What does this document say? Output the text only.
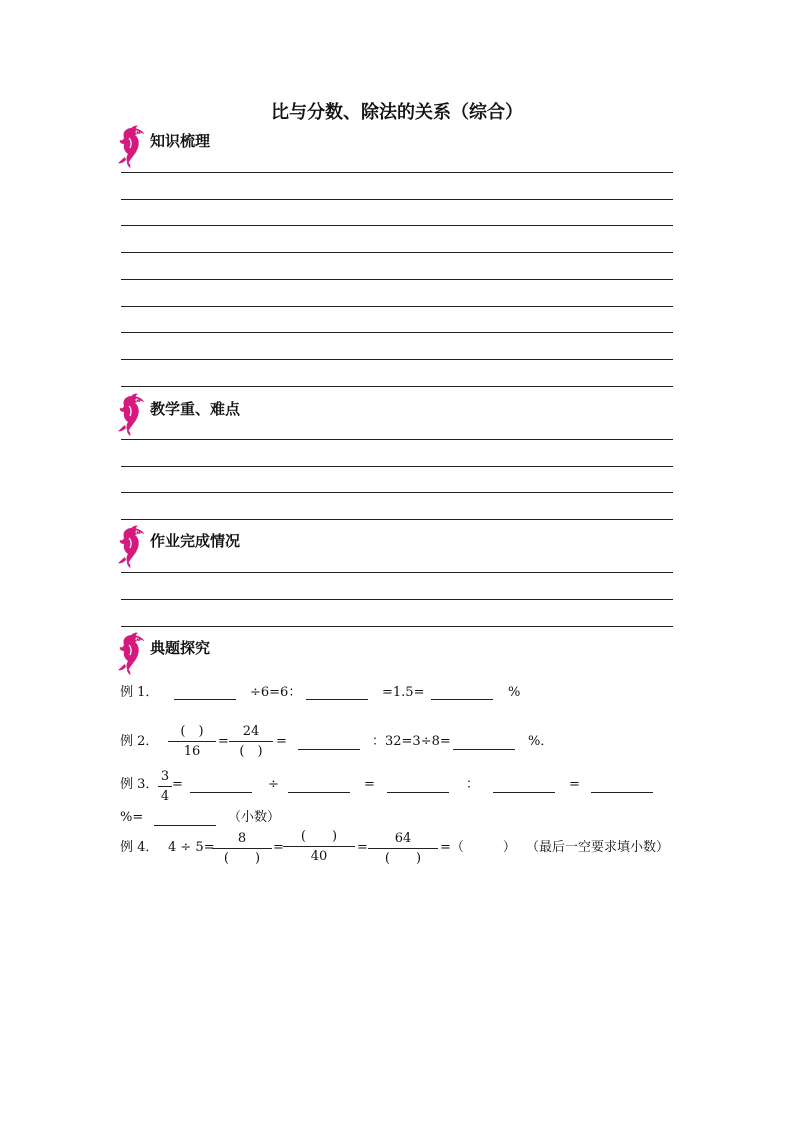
比与分数、除法的关系（综合）
知识梳理
教学重、难点
作业完成情况
典题探究
例 1．	÷6=6：	=1.5=	%
例 2．
(　)
16
=
24
(　)
=	：32=3÷8=	%．
例 3．
3
4
=	÷	=	：	=
%=	（小数）
例 4． 4 ÷ 5=
8
(　　)
=
(　　)
40
=
64
(　　)
=（　　　） （最后一空要求填小数）
